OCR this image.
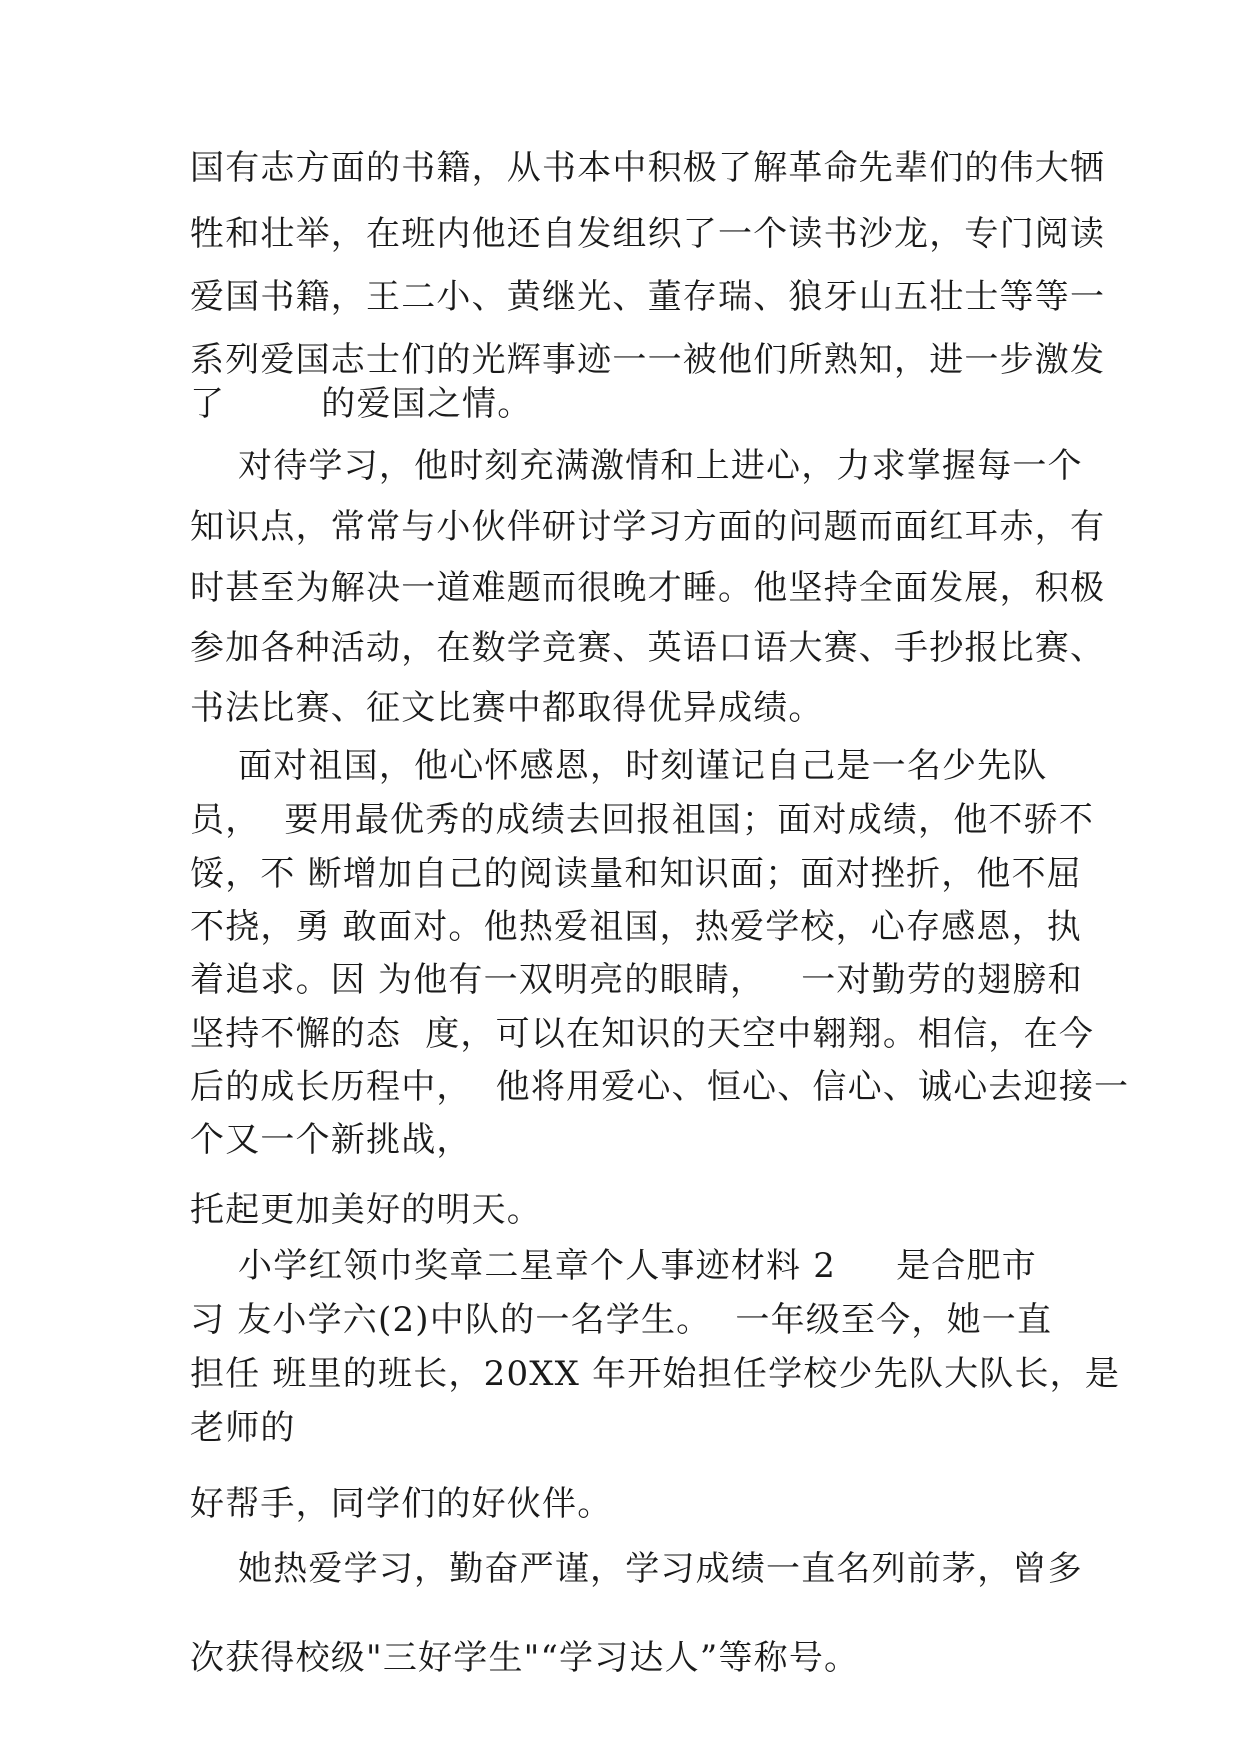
国有志方面的书籍，从书本中积极了解革命先辈们的伟大牺

牲和壮举，在班内他还自发组织了一个读书沙龙，专门阅读

爱国书籍，王二小、黄继光、董存瑞、狼牙山五壮士等等一

系列爱国志士们的光辉事迹一一被他们所熟知，进一步激发

了        的爱国之情。

对待学习，他时刻充满激情和上进心，力求掌握每一个

知识点，常常与小伙伴研讨学习方面的问题而面红耳赤，有

时甚至为解决一道难题而很晚才睡。他坚持全面发展，积极

参加各种活动，在数学竞赛、英语口语大赛、手抄报比赛、

书法比赛、征文比赛中都取得优异成绩。

面对祖国，他心怀感恩，时刻谨记自己是一名少先队

员，  要用最优秀的成绩去回报祖国；面对成绩，他不骄不

馁，不 断增加自己的阅读量和知识面；面对挫折，他不屈

不挠，勇 敢面对。他热爱祖国，热爱学校，心存感恩，执

着追求。因 为他有一双明亮的眼睛，   一对勤劳的翅膀和

坚持不懈的态  度，可以在知识的天空中翱翔。相信，在今

后的成长历程中，  他将用爱心、恒心、信心、诚心去迎接一

个又一个新挑战，

托起更加美好的明天。

小学红领巾奖章二星章个人事迹材料 2     是合肥市

习 友小学六(2)中队的一名学生。  一年级至今，她一直

担任 班里的班长，20XX 年开始担任学校少先队大队长，是

老师的

好帮手，同学们的好伙伴。

她热爱学习，勤奋严谨，学习成绩一直名列前茅，曾多

次获得校级"三好学生"“学习达人”等称号。
